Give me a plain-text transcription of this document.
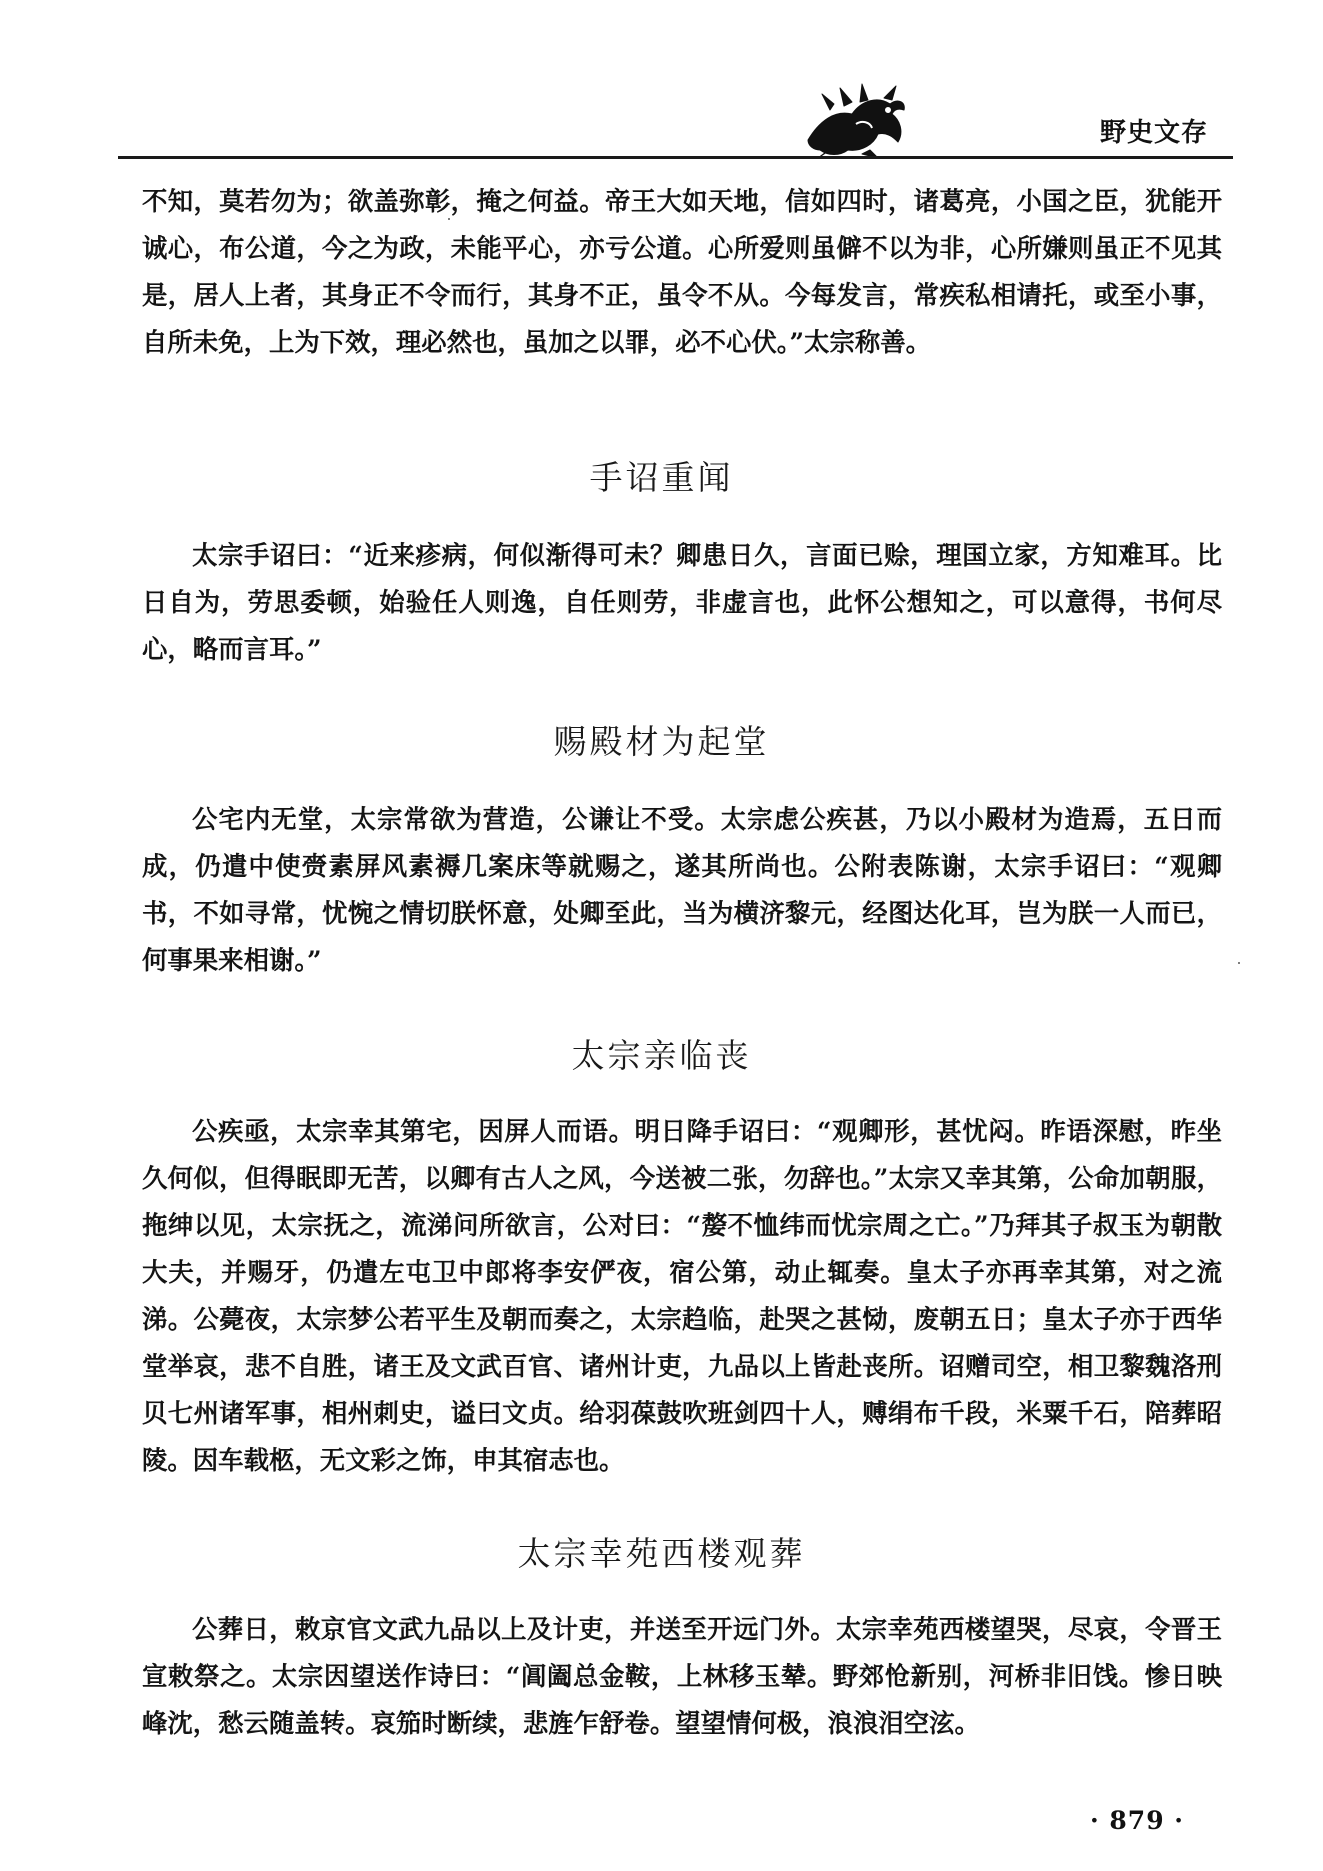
野史文存

不知，莫若勿为；欲盖弥彰，掩之何益。帝王大如天地，信如四时，诸葛亮，小国之臣，犹能开诚心，布公道，今之为政，未能平心，亦亏公道。心所爱则虽僻不以为非，心所嫌则虽正不见其是，居人上者，其身正不令而行，其身不正，虽令不从。今每发言，常疾私相请托，或至小事，自所未免，上为下效，理必然也，虽加之以罪，必不心伏。”太宗称善。

手诏重闻

太宗手诏曰：“近来疹病，何似渐得可未？卿患日久，言面已赊，理国立家，方知难耳。比日自为，劳思委顿，始验任人则逸，自任则劳，非虚言也，此怀公想知之，可以意得，书何尽心，略而言耳。”

赐殿材为起堂

公宅内无堂，太宗常欲为营造，公谦让不受。太宗虑公疾甚，乃以小殿材为造焉，五日而成，仍遣中使赍素屏风素褥几案床等就赐之，遂其所尚也。公附表陈谢，太宗手诏曰：“观卿书，不如寻常，忧惋之情切朕怀意，处卿至此，当为横济黎元，经图达化耳，岂为朕一人而已，何事果来相谢。”

太宗亲临丧

公疾亟，太宗幸其第宅，因屏人而语。明日降手诏曰：“观卿形，甚忧闷。昨语深慰，昨坐久何似，但得眠即无苦，以卿有古人之风，今送被二张，勿辞也。”太宗又幸其第，公命加朝服，拖绅以见，太宗抚之，流涕问所欲言，公对曰：“嫠不恤纬而忧宗周之亡。”乃拜其子叔玉为朝散大夫，并赐牙，仍遣左屯卫中郎将李安俨夜，宿公第，动止辄奏。皇太子亦再幸其第，对之流涕。公薨夜，太宗梦公若平生及朝而奏之，太宗趋临，赴哭之甚恸，废朝五日；皇太子亦于西华堂举哀，悲不自胜，诸王及文武百官、诸州计吏，九品以上皆赴丧所。诏赠司空，相卫黎魏洛刑贝七州诸军事，相州刺史，谥曰文贞。给羽葆鼓吹班剑四十人，赙绢布千段，米粟千石，陪葬昭陵。因车载柩，无文彩之饰，申其宿志也。

太宗幸苑西楼观葬

公葬日，敕京官文武九品以上及计吏，并送至开远门外。太宗幸苑西楼望哭，尽哀，令晋王宣敕祭之。太宗因望送作诗曰：“阊阖总金鞍，上林移玉辇。野郊怆新别，河桥非旧饯。惨日映峰沈，愁云随盖转。哀笳时断续，悲旌乍舒卷。望望情何极，浪浪泪空泫。

· 879 ·
